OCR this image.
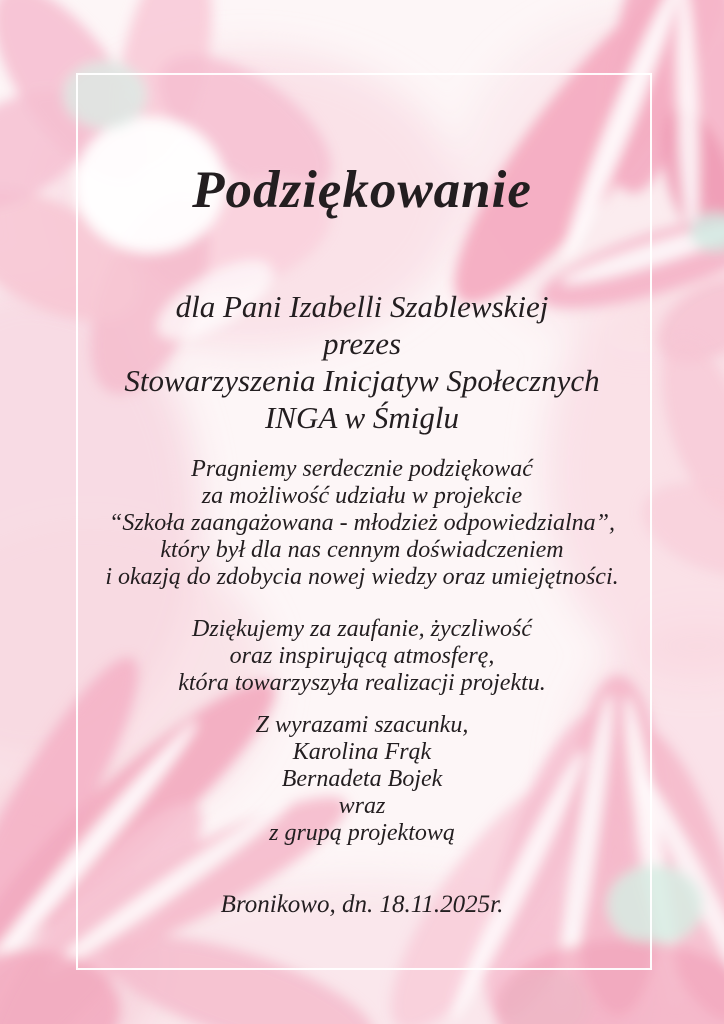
Podziękowanie
dla Pani Izabelli Szablewskiej
prezes
Stowarzyszenia Inicjatyw Społecznych
INGA w Śmiglu
Pragniemy serdecznie podziękować
za możliwość udziału w projekcie
“Szkoła zaangażowana - młodzież odpowiedzialna”,
który był dla nas cennym doświadczeniem
i okazją do zdobycia nowej wiedzy oraz umiejętności.
Dziękujemy za zaufanie, życzliwość
oraz inspirującą atmosferę,
która towarzyszyła realizacji projektu.
Z wyrazami szacunku,
Karolina Frąk
Bernadeta Bojek
wraz
z grupą projektową
Bronikowo, dn. 18.11.2025r.
